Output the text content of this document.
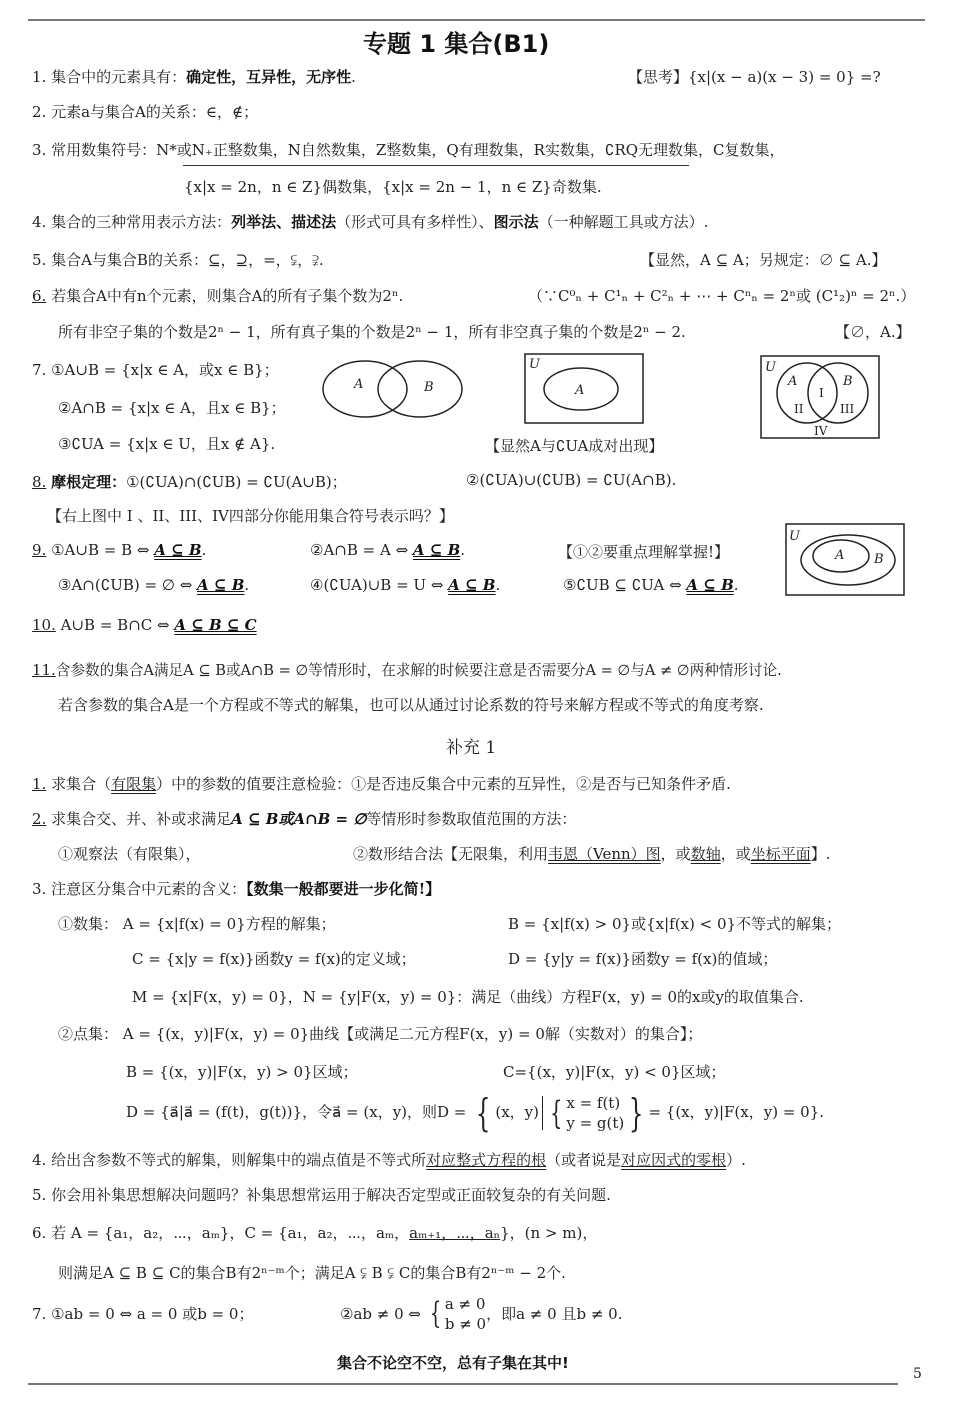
专题 1 集合(B1)
1. 集合中的元素具有：确定性，互异性，无序性.	【思考】{x|(x − a)(x − 3) = 0} =?
2. 元素a与集合A的关系：∈，∉；
3. 常用数集符号：N*或N₊正整数集，N自然数集，Z整数集，Q有理数集，R实数集，∁RQ无理数集，C复数集，
{x|x = 2n，n ∈ Z}偶数集，{x|x = 2n − 1，n ∈ Z}奇数集.
4. 集合的三种常用表示方法：列举法、描述法（形式可具有多样性）、图示法（一种解题工具或方法）.
5. 集合A与集合B的关系：⊆，⊇，=，⫋，⫌.	【显然，A ⊆ A；另规定：∅ ⊆ A.】
6. 若集合A中有n个元素，则集合A的所有子集个数为2ⁿ.	（∵C⁰ₙ + C¹ₙ + C²ₙ + ⋯ + Cⁿₙ = 2ⁿ或 (C¹₂)ⁿ = 2ⁿ.）
所有非空子集的个数是2ⁿ − 1，所有真子集的个数是2ⁿ − 1，所有非空真子集的个数是2ⁿ − 2.	【∅，A.】
7. ①A∪B = {x|x ∈ A，或x ∈ B}；
②A∩B = {x|x ∈ A，且x ∈ B}；
③∁UA = {x|x ∈ U，且x ∉ A}.
A	B
U
A
【显然A与∁UA成对出现】
U
A	B
I
II	III
IV
8. 摩根定理：①(∁UA)∩(∁UB) = ∁U(A∪B)；	②(∁UA)∪(∁UB) = ∁U(A∩B).
【右上图中 I 、II、III、IV四部分你能用集合符号表示吗？】
9. ①A∪B = B ⇔ A ⊆ B.	②A∩B = A ⇔ A ⊆ B.	【①②要重点理解掌握!】
③A∩(∁UB) = ∅ ⇔ A ⊆ B.	④(∁UA)∪B = U ⇔ A ⊆ B.	⑤∁UB ⊆ ∁UA ⇔ A ⊆ B.
U
A B
10. A∪B = B∩C ⇔ A ⊆ B ⊆ C
11.含参数的集合A满足A ⊆ B或A∩B = ∅等情形时，在求解的时候要注意是否需要分A = ∅与A ≠ ∅两种情形讨论.
若含参数的集合A是一个方程或不等式的解集，也可以从通过讨论系数的符号来解方程或不等式的角度考察.
补充 1
1. 求集合（有限集）中的参数的值要注意检验：①是否违反集合中元素的互异性，②是否与已知条件矛盾.
2. 求集合交、并、补或求满足A ⊆ B或A∩B = ∅等情形时参数取值范围的方法：
①观察法（有限集），	②数形结合法【无限集，利用韦恩（Venn）图，或数轴，或坐标平面】.
3. 注意区分集合中元素的含义：【数集一般都要进一步化简!】
①数集： A = {x|f(x) = 0}方程的解集；	B = {x|f(x) > 0}或{x|f(x) < 0}不等式的解集；
C = {x|y = f(x)}函数y = f(x)的定义域；	D = {y|y = f(x)}函数y = f(x)的值域；
M = {x|F(x，y) = 0}，N = {y|F(x，y) = 0}：满足（曲线）方程F(x，y) = 0的x或y的取值集合.
②点集： A = {(x，y)|F(x，y) = 0}曲线【或满足二元方程F(x，y) = 0解（实数对）的集合】；
B = {(x，y)|F(x，y) > 0}区域；	C={(x，y)|F(x，y) < 0}区域；
D = {a⃗|a⃗ = (f(t)，g(t))}，令a⃗ = (x，y)，则D = { (x，y) { x = f(t)
y = g(t) } = {(x，y)|F(x，y) = 0}.
4. 给出含参数不等式的解集，则解集中的端点值是不等式所对应整式方程的根（或者说是对应因式的零根）.
5. 你会用补集思想解决问题吗？补集思想常运用于解决否定型或正面较复杂的有关问题.
6. 若 A = {a₁，a₂，⋯，aₘ}，C = {a₁，a₂，⋯，aₘ，aₘ₊₁，⋯，aₙ}，(n > m)，
则满足A ⊆ B ⊆ C的集合B有2ⁿ⁻ᵐ个；满足A ⫋ B ⫋ C的集合B有2ⁿ⁻ᵐ − 2个.
7. ①ab = 0 ⇔ a = 0 或b = 0；	②ab ≠ 0 ⇔ { a ≠ 0
b ≠ 0，即a ≠ 0 且b ≠ 0.
集合不论空不空，总有子集在其中!
5
